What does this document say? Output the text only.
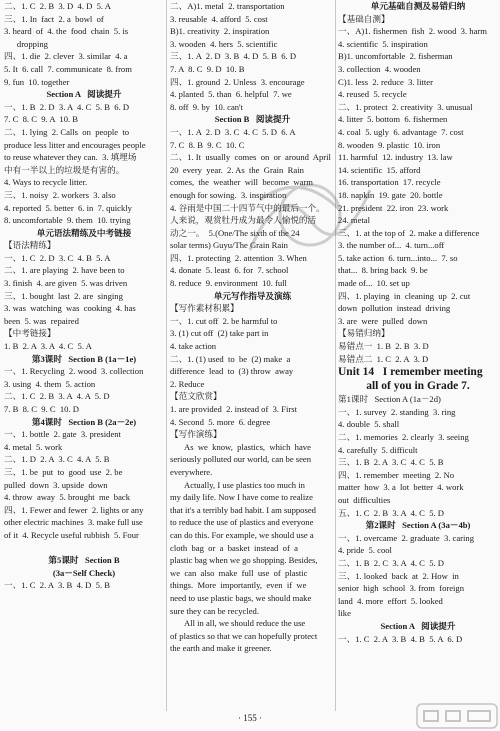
二、1. C  2. B  3. D  4. D  5. A
三、1. In  fact  2. a  bowl  of
3. heard  of  4. the  food  chain  5. is
dropping
四、1. die  2. clever  3. similar  4. a
5. It  6. call  7. communicate  8. from
9. fun  10. together
Section A   阅读提升
一、1. B  2. D  3. A  4. C  5. B  6. D
7. C  8. C  9. A  10. B
二、1. lying  2. Calls  on  people  to
produce less litter and encourages people
to reuse whatever they can.  3. 填埋场
中有一半以上的垃圾是有害的。
4. Ways to recycle litter.
三、1. noisy  2. workers  3. also
4. reported  5. better  6. in  7. quickly
8. uncomfortable  9. them  10. trying
单元语法精练及中考链接
【语法精练】
一、1. C  2. D  3. C  4. B  5. A
二、1. are playing  2. have been to
3. finish  4. are given  5. was driven
三、1. bought  last  2. are  singing
3. was  watching  was  cooking  4. has
been  5. was  repaired
【中考链接】
1. B  2. A  3. A  4. C  5. A
第3课时   Section B (1a－1e)
一、1. Recycling  2. wood  3. collection
3. using  4. them  5. action
二、1. C  2. B  3. A  4. A  5. D
7. B  8. C  9. C  10. D
第4课时   Section B (2a－2e)
一、1. bottle  2. gate  3. president
4. metal  5. work
二、1. D  2. A  3. C  4. A  5. B
三、1. be  put  to  good  use  2. be
pulled  down  3. upside  down
4. throw  away  5. brought  me  back
四、1. Fewer and fewer  2. lights or any
other electric machines  3. make full use
of it  4. Recycle useful rubbish  5. Four

第5课时   Section B
(3a－Self Check)
一、1. C  2. A  3. B  4. D  5. B
二、A)1. metal  2. transportation
3. reusable  4. afford  5. cost
B)1. creativity  2. inspiration
3. wooden  4. hers  5. scientific
三、1. A  2. D  3. B  4. D  5. B  6. D
7. A  8. C  9. D  10. B
四、1. ground  2. Unless  3. encourage
4. planted  5. than  6. helpful  7. we
8. off  9. by  10. can't
Section B   阅读提升
一、1. A  2. D  3. C  4. C  5. D  6. A
7. C  8. B  9. C  10. C
二、1. It  usually  comes  on  or  around  April
20  every  year.  2. As  the  Grain  Rain
comes,  the  weather  will  become  warm
enough for sowing.  3. inspiration
4. 谷雨是中国二十四节气中的最后一个。
人来说，观赏牡丹成为最令人愉悦的活
动之一。  5.(One/The sixth of the 24
solar terms) Guyu/The Grain Rain
四、1. protecting  2. attention  3. When
4. donate  5. least  6. for  7. school
8. reduce  9. environment  10. full
单元写作指导及演练
【写作素材积累】
一、1. cut off  2. be harmful to
3. (1) cut off  (2) take part in
4. take action
二、1. (1) used  to  be  (2) make  a
difference  lead  to  (3) throw  away
2. Reduce
【范文欣赏】
1. are provided  2. instead of  3. First
4. Second  5. more  6. degree
【写作演练】
As  we  know,  plastics,  which  have
seriously polluted our world, can be seen
everywhere.
Actually, I use plastics too much in
my daily life. Now I have come to realize
that it's a terribly bad habit. I am supposed
to reduce the use of plastics and everyone
can do this. For example, we should use a
cloth  bag  or  a  basket  instead  of  a
plastic bag when we go shopping. Besides,
we  can  also  make  full  use  of  plastic
things.  More  importantly,  even  if  we
need to use plastic bags, we should make
sure they can be recycled.
All in all, we should reduce the use
of plastics so that we can hopefully protect
the earth and make it greener.
单元基础自测及易错归纳
【基础自测】
一、A)1. fishermen  fish  2. wood  3. harm
4. scientific  5. inspiration
B)1. uncomfortable  2. fisherman
3. collection  4. wooden
C)1. less  2. reduce  3. litter
4. reused  5. recycle
二、1. protect  2. creativity  3. unusual
4. litter  5. bottom  6. fishermen
4. coal  5. ugly  6. advantage  7. cost
8. wooden  9. plastic  10. iron
11. harmful  12. industry  13. law
14. scientific  15. afford
16. transportation  17. recycle
18. napkin  19. gate  20. bottle
21. president  22. iron  23. work
24. metal
三、1. at the top of  2. make a difference
3. the number of...  4. turn...off
5. take action  6. turn...into...  7. so
that...  8. bring back  9. be
made of...  10. set up
四、1. playing  in  cleaning  up  2. cut
down  pollution  instead  driving
3. are  were  pulled  down
【易错归纳】
易错点一  1. B  2. B  3. D
易错点二  1. C  2. A  3. D
Unit 14   I remember meeting
all of you in Grade 7.
第1课时   Section A (1a－2d)
一、1. survey  2. standing  3. ring
4. double  5. shall
二、1. memories  2. clearly  3. seeing
4. carefully  5. difficult
三、1. B  2. A  3. C  4. C  5. B
四、1. remember  meeting  2. No
matter  how  3. a  lot  better  4. work
out  difficulties
五、1. C  2. B  3. A  4. C  5. D
第2课时   Section A (3a－4b)
一、1. overcame  2. graduate  3. caring
4. pride  5. cool
二、1. B  2. C  3. A  4. C  5. D
三、1. looked  back  at  2. How  in
senior  high  school  3. from  foreign
land  4. more  effort  5. looked
like
Section A   阅读提升
一、1. C  2. A  3. B  4. B  5. A  6. D
· 155 ·
